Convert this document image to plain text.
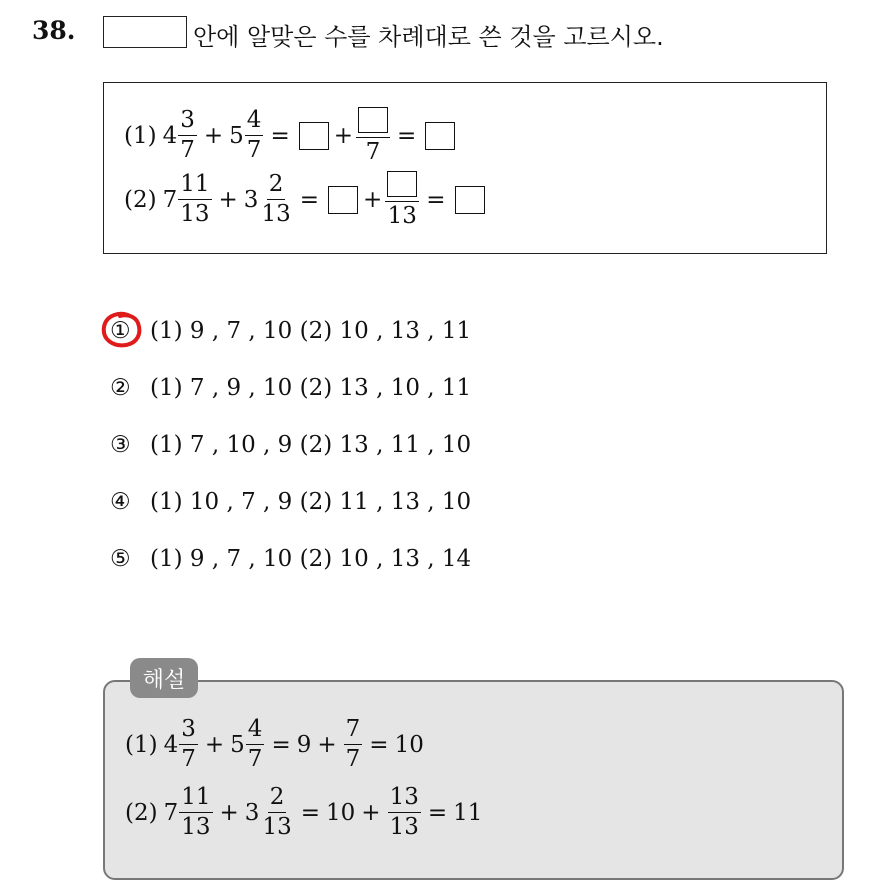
38.	안에 알맞은 수를 차례대로 쓴 것을 고르시오.
(1) $4 \frac{3}{7} + 5 \frac{4}{7}$ = +
7
=
(2) $7 \frac{11}{13} + 3 \frac{2}{13}$ = +
13
=
① (1) 9 , 7 , 10 (2) 10 , 13 , 11
② (1) 7 , 9 , 10 (2) 13 , 10 , 11
③ (1) 7 , 10 , 9 (2) 13 , 11 , 10
④ (1) 10 , 7 , 9 (2) 11 , 13 , 10
⑤ (1) 9 , 7 , 10 (2) 10 , 13 , 14
(1) $4 \frac{3}{7} + 5 \frac{4}{7} = 9 + \frac{7}{7} = 10$
(2) $7 \frac{11}{13} + 3 \frac{2}{13} = 10 + \frac{13}{13} = 11$
해설
